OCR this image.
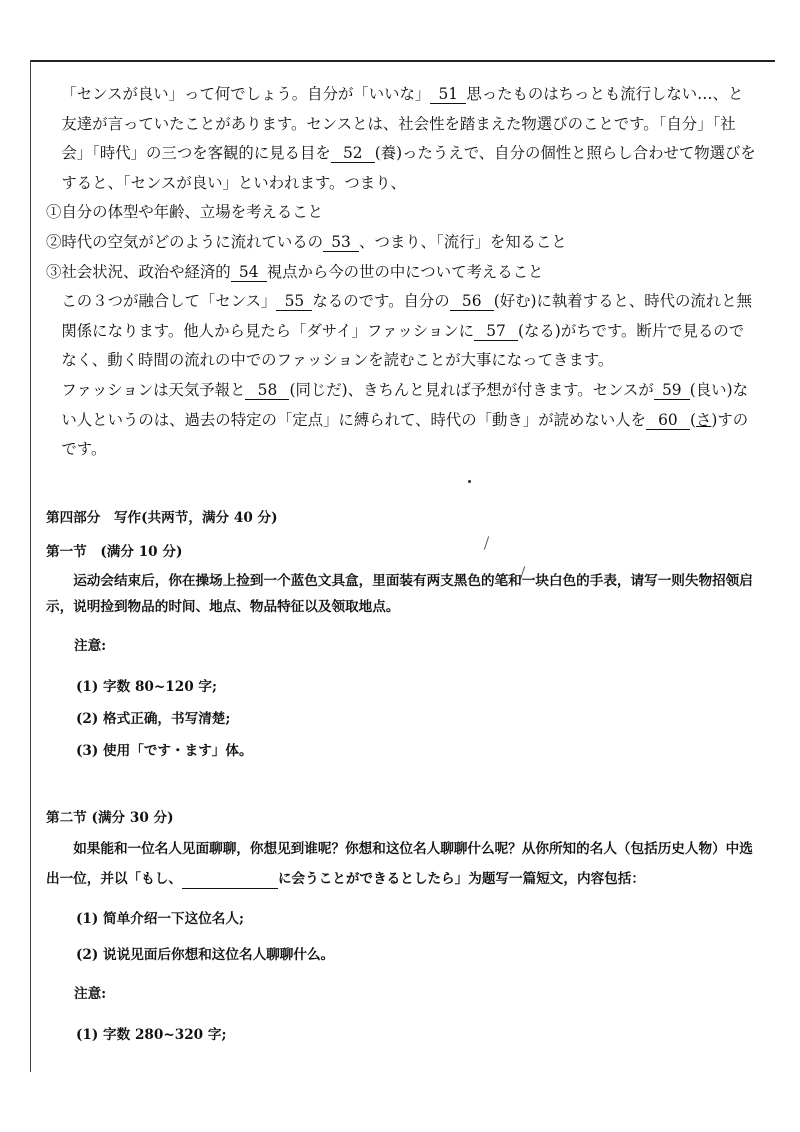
「センスが良い」って何でしょう。自分が「いいな」 51 思ったものはちっとも流行しない…、と友達が言っていたことがあります。センスとは、社会性を踏まえた物選びのことです。「自分」「社会」「時代」の三つを客観的に見る目を 52 (養)ったうえで、自分の個性と照らし合わせて物選びをすると、「センスが良い」といわれます。つまり、

①自分の体型や年齢、立場を考えること

②時代の空気がどのように流れているの 53 、つまり、「流行」を知ること

③社会状況、政治や経済的 54 視点から今の世の中について考えること

この３つが融合して「センス」 55 なるのです。自分の 56 (好む)に執着すると、時代の流れと無関係になります。他人から見たら「ダサイ」ファッションに 57 (なる)がちです。断片で見るのでなく、動く時間の流れの中でのファッションを読むことが大事になってきます。

ファッションは天気予報と 58 (同じだ)、きちんと見れば予想が付きます。センスが 59 (良い)ない人というのは、過去の特定の「定点」に縛られて、時代の「動き」が読めない人を 60 (さ)すのです。

第四部分　写作(共两节，满分 40 分)

第一节　(满分 10 分)

运动会结束后，你在操场上捡到一个蓝色文具盒，里面装有两支黑色的笔和一块白色的手表，请写一则失物招领启示，说明捡到物品的时间、地点、物品特征以及领取地点。

注意:

(1) 字数 80~120 字;

(2) 格式正确，书写清楚;

(3) 使用「です・ます」体。

第二节 (满分 30 分)

如果能和一位名人见面聊聊，你想见到谁呢？你想和这位名人聊聊什么呢？从你所知的名人（包括历史人物）中选出一位，并以「もし、	に会うことができるとしたら」为题写一篇短文，内容包括：

(1) 简单介绍一下这位名人;

(2) 说说见面后你想和这位名人聊聊什么。

注意:

(1) 字数 280~320 字;
